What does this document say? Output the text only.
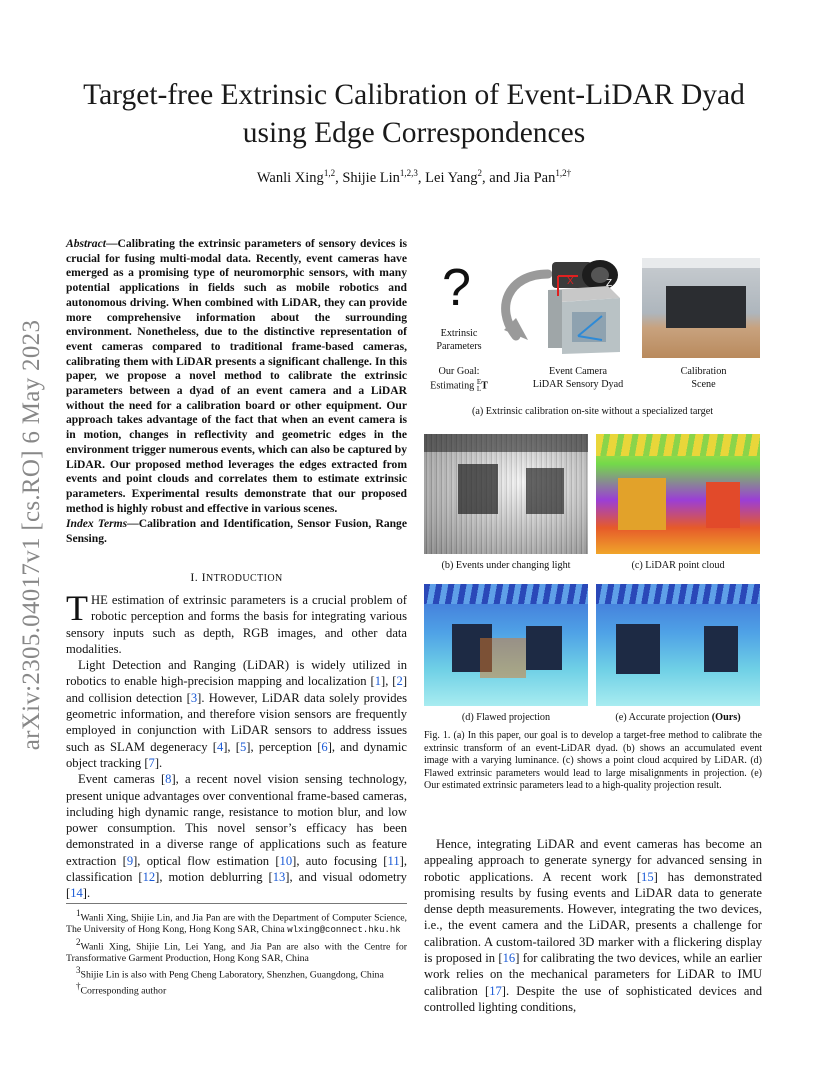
Target-free Extrinsic Calibration of Event-LiDAR Dyad using Edge Correspondences
Wanli Xing$^{1,2}$, Shijie Lin$^{1,2,3}$, Lei Yang$^2$, and Jia Pan$^{1,2\dagger}$
arXiv:2305.04017v1 [cs.RO] 6 May 2023
Abstract—Calibrating the extrinsic parameters of sensory devices is crucial for fusing multi-modal data. Recently, event cameras have emerged as a promising type of neuromorphic sensors, with many potential applications in fields such as mobile robotics and autonomous driving. When combined with LiDAR, they can provide more comprehensive information about the surrounding environment. Nonetheless, due to the distinctive representation of event cameras compared to traditional frame-based cameras, calibrating them with LiDAR presents a significant challenge. In this paper, we propose a novel method to calibrate the extrinsic parameters between a dyad of an event camera and a LiDAR without the need for a calibration board or other equipment. Our approach takes advantage of the fact that when an event camera is in motion, changes in reflectivity and geometric edges in the environment trigger numerous events, which can also be captured by LiDAR. Our proposed method leverages the edges extracted from events and point clouds and correlates them to estimate extrinsic parameters. Experimental results demonstrate that our proposed method is highly robust and effective in various scenes.
Index Terms—Calibration and Identification, Sensor Fusion, Range Sensing.
I. INTRODUCTION

THE estimation of extrinsic parameters is a crucial problem of robotic perception and forms the basis for integrating various sensory inputs such as depth, RGB images, and other data modalities.

Light Detection and Ranging (LiDAR) is widely utilized in robotics to enable high-precision mapping and localization [1], [2] and collision detection [3]. However, LiDAR data solely provides geometric information, and therefore vision sensors are frequently employed in conjunction with LiDAR sensors to address issues such as SLAM degeneracy [4], [5], perception [6], and dynamic object tracking [7].

Event cameras [8], a recent novel vision sensing technology, present unique advantages over conventional frame-based cameras, including high dynamic range, resistance to motion blur, and low power consumption. This novel sensor’s efficacy has been demonstrated in a diverse range of applications such as feature extraction [9], optical flow estimation [10], auto focusing [11], classification [12], motion deblurring [13], and visual odometry [14].

$^1$Wanli Xing, Shijie Lin, and Jia Pan are with the Department of Computer Science, The University of Hong Kong, Hong Kong SAR, China wlxing@connect.hku.hk

$^2$Wanli Xing, Shijie Lin, Lei Yang, and Jia Pan are also with the Centre for Transformative Garment Production, Hong Kong SAR, China

$^3$Shijie Lin is also with Peng Cheng Laboratory, Shenzhen, Guangdong, China

†Corresponding author

?	X	Z
Extrinsic Parameters
Our Goal:
Estimating E
LT
Event Camera
LiDAR Sensory Dyad
Calibration
Scene
(a) Extrinsic calibration on-site without a specialized target
(b) Events under changing light	(c) LiDAR point cloud
(d) Flawed projection	(e) Accurate projection (Ours)
Fig. 1. (a) In this paper, our goal is to develop a target-free method to calibrate the extrinsic transform of an event-LiDAR dyad. (b) shows an accumulated event image with a varying luminance. (c) shows a point cloud acquired by LiDAR. (d) Flawed extrinsic parameters would lead to large misalignments in projection. (e) Our estimated extrinsic parameters lead to a high-quality projection result.

Hence, integrating LiDAR and event cameras has become an appealing approach to generate synergy for advanced sensing in robotic applications. A recent work [15] has demonstrated promising results by fusing events and LiDAR data to generate dense depth measurements. However, integrating the two devices, i.e., the event camera and the LiDAR, presents a challenge for calibration. A custom-tailored 3D marker with a flickering display is proposed in [16] for calibrating the two devices, while an earlier work relies on the mechanical parameters for LiDAR to IMU calibration [17]. Despite the use of sophisticated devices and controlled lighting conditions,
